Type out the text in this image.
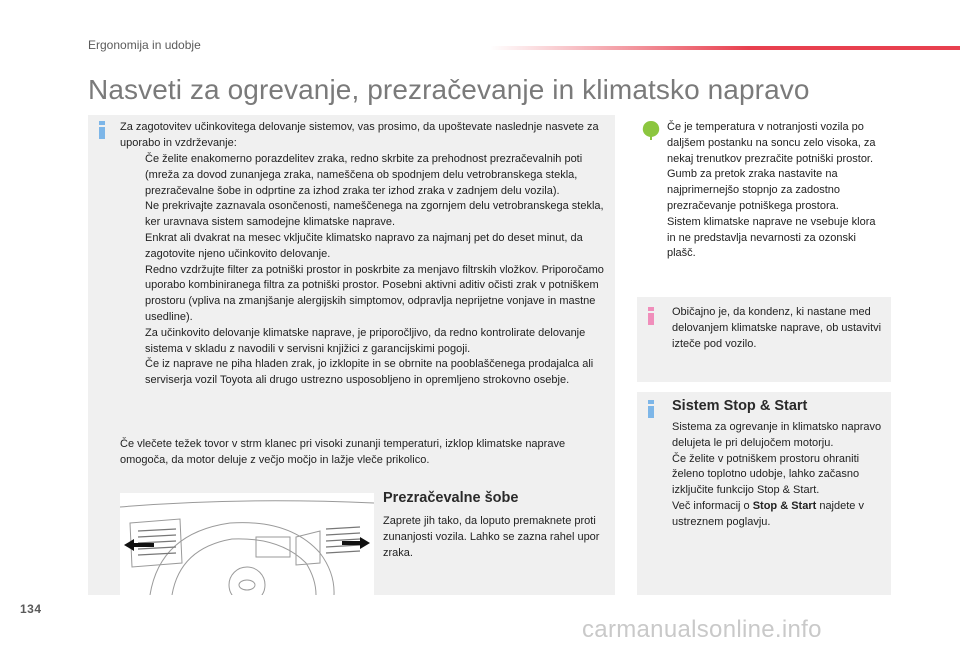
Ergonomija in udobje
Nasveti za ogrevanje, prezračevanje in klimatsko napravo
Za zagotovitev učinkovitega delovanje sistemov, vas prosimo, da upoštevate naslednje nasvete za uporabo in vzdrževanje:
Če želite enakomerno porazdelitev zraka, redno skrbite za prehodnost prezračevalnih poti (mreža za dovod zunanjega zraka, nameščena ob spodnjem delu vetrobranskega stekla, prezračevalne šobe in odprtine za izhod zraka ter izhod zraka v zadnjem delu vozila).
Ne prekrivajte zaznavala osončenosti, nameščenega na zgornjem delu vetrobranskega stekla, ker uravnava sistem samodejne klimatske naprave.
Enkrat ali dvakrat na mesec vključite klimatsko napravo za najmanj pet do deset minut, da zagotovite njeno učinkovito delovanje.
Redno vzdržujte filter za potniški prostor in poskrbite za menjavo filtrskih vložkov. Priporočamo uporabo kombiniranega filtra za potniški prostor. Posebni aktivni aditiv očisti zrak v potniškem prostoru (vpliva na zmanjšanje alergijskih simptomov, odpravlja neprijetne vonjave in mastne usedline).
Za učinkovito delovanje klimatske naprave, je priporočljivo, da redno kontrolirate delovanje sistema v skladu z navodili v servisni knjižici z garancijskimi pogoji.
Če iz naprave ne piha hladen zrak, jo izklopite in se obrnite na pooblaščenega prodajalca ali serviserja vozil Toyota ali drugo ustrezno usposobljeno in opremljeno strokovno osebje.
Če vlečete težek tovor v strm klanec pri visoki zunanji temperaturi, izklop klimatske naprave omogoča, da motor deluje z večjo močjo in lažje vleče prikolico.
Prezračevalne šobe
Zaprete jih tako, da loputo premaknete proti zunanjosti vozila. Lahko se zazna rahel upor zraka.
Če je temperatura v notranjosti vozila po daljšem postanku na soncu zelo visoka, za nekaj trenutkov prezračite potniški prostor.
Gumb za pretok zraka nastavite na najprimernejšo stopnjo za zadostno prezračevanje potniškega prostora.
Sistem klimatske naprave ne vsebuje klora in ne predstavlja nevarnosti za ozonski plašč.
Običajno je, da kondenz, ki nastane med delovanjem klimatske naprave, ob ustavitvi izteče pod vozilo.
Sistem Stop & Start
Sistema za ogrevanje in klimatsko napravo delujeta le pri delujočem motorju.
Če želite v potniškem prostoru ohraniti želeno toplotno udobje, lahko začasno izključite funkcijo Stop & Start.
Več informacij o Stop & Start najdete v ustreznem poglavju.
134
carmanualsonline.info
